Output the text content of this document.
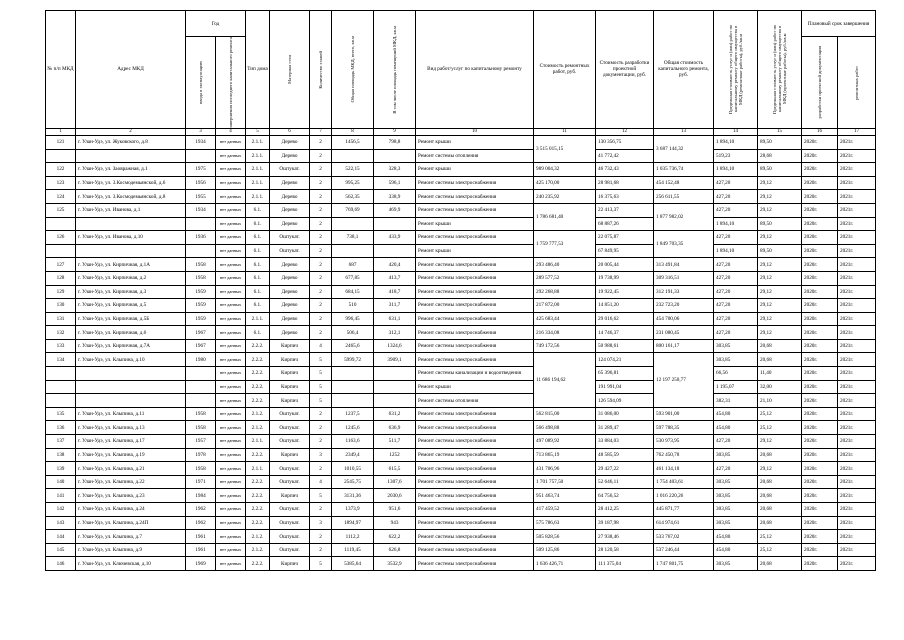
№ п/п МКД	Адрес МКД	Год		Тип дома	Материал стен	Количество этажей	Общая площадь МКД, всего, кв.м	В том числе площадь помещений МКД, кв.м	Вид работ/услуг по капитальному ремонту	Стоимость ремонтных работ, руб.	Стоимость разработки проектной документации, руб.	Общая стоимость капитального ремонта, руб.	Предельная стоимость услуг и (или) работ по капитальному ремонту общего имущества в МКД (ремонтные работы), руб./кв.м	Предельная стоимость услуг и (или) работ по капитальному ремонту общего имущества в МКД (проектные работы), руб./кв.м	Плановый срок завершения	

		ввода в эксплуатацию	завершения последнего капитального ремонта												разработки проектной документации	ремонтных работ

1	2	3	4	5	6	7	8	9	10	11	12	13	14	15	16	17
121	г. Улан-Удэ, ул. Жуковского, д.8	1934	нет данных	2.1.1.	Дерево	2	1456,5	798,8	Ремонт крыши	3 515 015,15	130 356,75	3 687 144,32	1 894,10	89,50	2020г.	2021г.
			нет данных	2.1.1.	Дерево	2			Ремонт системы отопления		41 772,42		519,23	28,68	2020г.	2021г.
122	г. Улан-Удэ, ул. Заовражная, д.1	1975	нет данных	2.1.1.	Оштукат.	2	522,15	328,3	Ремонт крыши	989 004,32	46 732,43	1 035 736,74	1 894,10	89,50	2020г.	2021г.
123	г. Улан-Удэ, ул. 3.Космодемьянской, д.6	1956	нет данных	2.1.1.	Дерево	2	995,25	596,1	Ремонт системы электроснабжения	425 170,00	28 981,68	454 152,48	427,20	29,12	2020г.	2021г.
124	г. Улан-Удэ, ул. 3.Космодемьянской, д.8	1955	нет данных	2.1.1.	Дерево	2	562,35	338,9	Ремонт системы электроснабжения	240 235,92	16 375,63	256 611,55	427,20	29,12	2020г.	2021г.
125	г. Улан-Удэ, ул. Иванова, д.1	1934	нет данных	6.1.	Дерево	2	769,69	469,9	Ремонт системы электроснабжения	1 786 681,40	22 413,37	1 877 982,02	427,20	29,12	2020г.	2021г.
			нет данных	6.1.	Дерево	2			Ремонт крыши		68 887,26		1 894,10	89,50	2020г.	2021г.
126	г. Улан-Удэ, ул. Иванова, д.10	1936	нет данных	6.1.	Оштукат.	2	738,1	433,9	Ремонт системы электроснабжения	1 759 777,53	22 075,87	1 849 703,35	427,20	29,12	2020г.	2021г.
			нет данных	6.1.	Оштукат.	2			Ремонт крыши		67 849,95		1 894,10	89,50	2020г.	2021г.
127	г. Улан-Удэ, ул. Кирпичная, д.1А	1958	нет данных	6.1.	Дерево	2	687	420,4	Ремонт системы электроснабжения	293 486,40	20 005,44	313 491,84	427,20	29,12	2020г.	2021г.
128	г. Улан-Удэ, ул. Кирпичная, д.2	1958	нет данных	6.1.	Дерево	2	677,85	413,7	Ремонт системы электроснабжения	289 577,52	19 738,99	309 316,51	427,20	29,12	2020г.	2021г.
129	г. Улан-Удэ, ул. Кирпичная, д.3	1959	нет данных	6.1.	Дерево	2	684,15	418,7	Ремонт системы электроснабжения	292 268,88	19 922,45	312 191,33	427,20	29,12	2020г.	2021г.
130	г. Улан-Удэ, ул. Кирпичная, д.5	1959	нет данных	6.1.	Дерево	2	510	311,7	Ремонт системы электроснабжения	217 872,00	14 851,20	232 723,20	427,20	29,12	2020г.	2021г.
131	г. Улан-Удэ, ул. Кирпичная, д.5Б	1959	нет данных	2.1.1.	Дерево	2	996,45	631,1	Ремонт системы электроснабжения	425 683,44	29 016,62	454 700,06	427,20	29,12	2020г.	2021г.
132	г. Улан-Удэ, ул. Кирпичная, д.6	1967	нет данных	6.1.	Дерево	2	506,4	312,1	Ремонт системы электроснабжения	216 334,08	14 746,37	231 080,45	427,20	29,12	2020г.	2021г.
133	г. Улан-Удэ, ул. Кирпичная, д.7А	1967	нет данных	2.2.2.	Кирпич	4	2465,6	1324,6	Ремонт системы электроснабжения	749 172,56	50 988,61	800 161,17	303,85	20,68	2020г.	2021г.
134	г. Улан-Удэ, ул. Клыпина, д.10	1980	нет данных	2.2.2.	Кирпич	5	5999,72	3909,1	Ремонт системы электроснабжения	11 686 194,62	124 074,21	12 197 250,77	303,85	20,68	2020г.	2021г.
			нет данных	2.2.2.	Кирпич	5			Ремонт системы канализации и водоотведения		65 396,81		66,56	11,40	2020г.	2021г.
			нет данных	2.2.2.	Кирпич	5			Ремонт крыши		191 991,04		1 195,07	32,00	2020г.	2021г.
			нет данных	2.2.2.	Кирпич	5			Ремонт системы отопления		126 594,09		382,31	21,10	2020г.	2021г.
135	г. Улан-Удэ, ул. Клыпина, д.11	1958	нет данных	2.1.2.	Оштукат.	2	1237,5	631,2	Ремонт системы электроснабжения	562 815,00	31 086,00	593 901,00	454,80	25,12	2020г.	2021г.
136	г. Улан-Удэ, ул. Клыпина, д.13	1958	нет данных	2.1.2.	Оштукат.	2	1245,6	636,9	Ремонт системы электроснабжения	566 498,88	31 289,47	597 788,35	454,80	25,12	2020г.	2021г.
137	г. Улан-Удэ, ул. Клыпина, д.17	1957	нет данных	2.1.1.	Оштукат.	2	1163,6	511,7	Ремонт системы электроснабжения	497 089,92	33 884,03	530 973,95	427,20	29,12	2020г.	2021г.
138	г. Улан-Удэ, ул. Клыпина, д.19	1978	нет данных	2.2.2.	Кирпич	3	2349,4	1252	Ремонт системы электроснабжения	713 865,19	48 585,59	762 450,78	303,85	20,68	2020г.	2021г.
139	г. Улан-Удэ, ул. Клыпина, д.21	1958	нет данных	2.1.1.	Оштукат.	2	1010,55	615,5	Ремонт системы электроснабжения	431 706,96	29 427,22	461 134,18	427,20	29,12	2020г.	2021г.
140	г. Улан-Удэ, ул. Клыпина, д.22	1971	нет данных	2.2.2.	Оштукат.	4	2545,75	1307,6	Ремонт системы электроснабжения	1 701 757,50	52 646,11	1 754 403,61	303,85	20,68	2020г.	2021г.
141	г. Улан-Удэ, ул. Клыпина, д.23	1984	нет данных	2.2.2.	Кирпич	5	3131,36	2030,6	Ремонт системы электроснабжения	951 463,74	64 756,52	1 016 220,26	303,85	20,68	2020г.	2021г.
142	г. Улан-Удэ, ул. Клыпина, д.24	1962	нет данных	2.2.2.	Оштукат.	2	1373,9	951,6	Ремонт системы электроснабжения	417 459,52	28 412,25	445 871,77	303,85	20,68	2020г.	2021г.
143	г. Улан-Удэ, ул. Клыпина, д.24П	1962	нет данных	2.2.2.	Оштукат.	3	1894,97	943	Ремонт системы электроснабжения	575 786,63	39 187,98	614 974,61	303,85	20,68	2020г.	2021г.
144	г. Улан-Удэ, ул. Клыпина, д.7	1961	нет данных	2.1.2.	Оштукат.	2	1112,2	622,2	Ремонт системы электроснабжения	505 828,56	27 938,46	533 767,02	454,80	25,12	2020г.	2021г.
145	г. Улан-Удэ, ул. Клыпина, д.9	1961	нет данных	2.1.2.	Оштукат.	2	1119,45	626,8	Ремонт системы электроснабжения	509 125,86	28 120,58	537 246,44	454,80	25,12	2020г.	2021г.
146	г. Улан-Удэ, ул. Ключевская, д.10	1969	нет данных	2.2.2.	Кирпич	5	5385,64	3532,9	Ремонт системы электроснабжения	1 636 426,71	111 375,04	1 747 801,75	303,85	20,68	2020г.	2021г.
